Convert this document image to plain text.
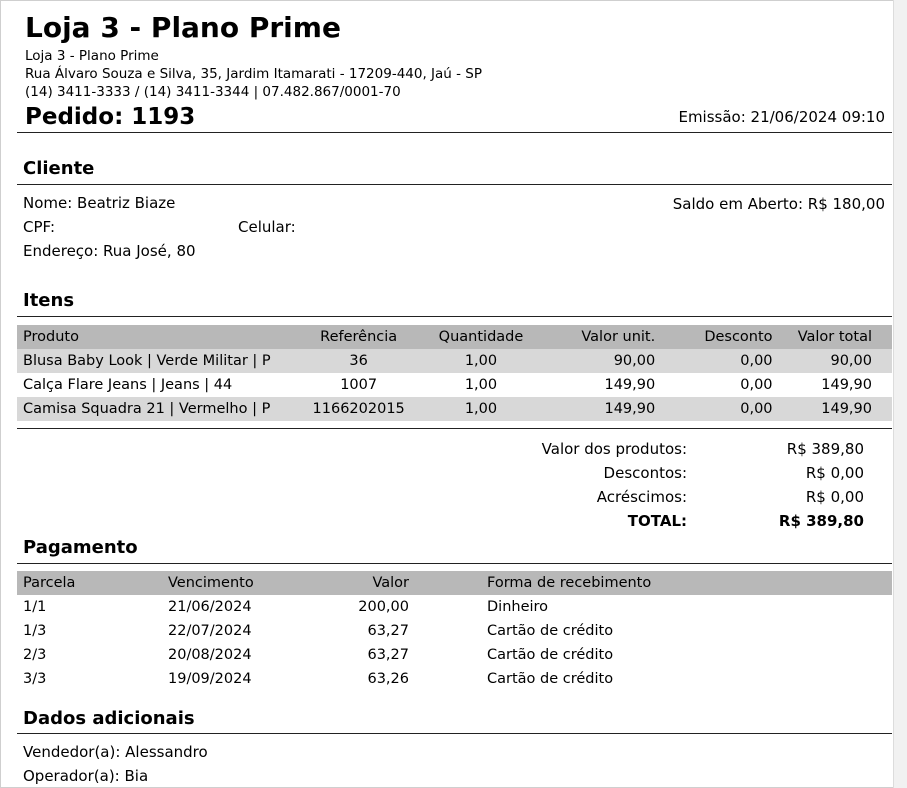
Loja 3 - Plano Prime
Loja 3 - Plano Prime
Rua Álvaro Souza e Silva, 35, Jardim Itamarati - 17209-440, Jaú - SP
(14) 3411-3333 / (14) 3411-3344 | 07.482.867/0001-70
Pedido: 1193	Emissão: 21/06/2024 09:10
Cliente
Nome: Beatriz Biaze	Saldo em Aberto: R$ 180,00
CPF:	Celular:
Endereço: Rua José, 80
Itens
Produto	Referência	Quantidade	Valor unit.	Desconto	Valor total
Blusa Baby Look | Verde Militar | P	36	1,00	90,00	0,00	90,00
Calça Flare Jeans | Jeans | 44	1007	1,00	149,90	0,00	149,90
Camisa Squadra 21 | Vermelho | P	1166202015	1,00	149,90	0,00	149,90
Valor dos produtos:	R$ 389,80
Descontos:	R$ 0,00
Acréscimos:	R$ 0,00
TOTAL:	R$ 389,80
Pagamento
Parcela	Vencimento	Valor	Forma de recebimento
1/1	21/06/2024	200,00	Dinheiro
1/3	22/07/2024	63,27	Cartão de crédito
2/3	20/08/2024	63,27	Cartão de crédito
3/3	19/09/2024	63,26	Cartão de crédito
Dados adicionais
Vendedor(a): Alessandro
Operador(a): Bia
